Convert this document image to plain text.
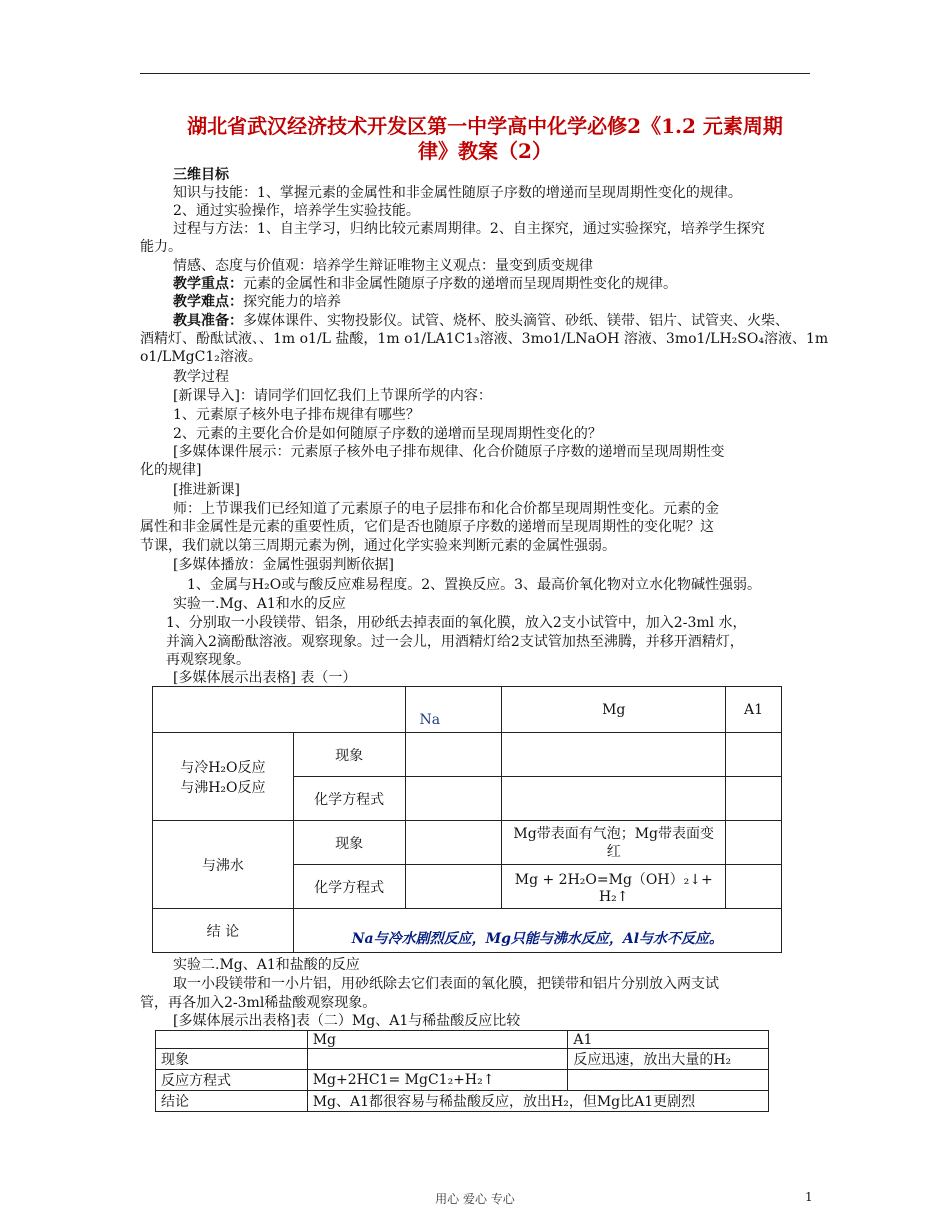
湖北省武汉经济技术开发区第一中学高中化学必修2《1.2 元素周期
律》教案（2）
三维目标
知识与技能：1、掌握元素的金属性和非金属性随原子序数的增递而呈现周期性变化的规律。
2、通过实验操作，培养学生实验技能。
过程与方法：1、自主学习，归纳比较元素周期律。2、自主探究，通过实验探究，培养学生探究
能力。
情感、态度与价值观：培养学生辩证唯物主义观点：量变到质变规律
教学重点：元素的金属性和非金属性随原子序数的递增而呈现周期性变化的规律。
教学难点：探究能力的培养
教具准备：多媒体课件、实物投影仪。试管、烧杯、胶头滴管、砂纸、镁带、铝片、试管夹、火柴、
酒精灯、酚酞试液、、1m o1/L 盐酸，1m o1/LA1C1₃溶液、3mo1/LNaOH 溶液、3mo1/LH₂SO₄溶液、1m
o1/LMgC1₂溶液。
教学过程
[新课导入]：请同学们回忆我们上节课所学的内容：
1、元素原子核外电子排布规律有哪些？
2、元素的主要化合价是如何随原子序数的递增而呈现周期性变化的？
[多媒体课件展示：元素原子核外电子排布规律、化合价随原子序数的递增而呈现周期性变
化的规律]
[推进新课]
师：上节课我们已经知道了元素原子的电子层排布和化合价都呈现周期性变化。元素的金
属性和非金属性是元素的重要性质，它们是否也随原子序数的递增而呈现周期性的变化呢？这
节课，我们就以第三周期元素为例，通过化学实验来判断元素的金属性强弱。
[多媒体播放：金属性强弱判断依据]
1、金属与H₂O或与酸反应难易程度。2、置换反应。3、最高价氧化物对立水化物碱性强弱。
实验一.Mg、A1和水的反应
1、分别取一小段镁带、铝条，用砂纸去掉表面的氧化膜，放入2支小试管中，加入2-3ml 水，
并滴入2滴酚酞溶液。观察现象。过一会儿，用酒精灯给2支试管加热至沸腾，并移开酒精灯，
再观察现象。
[多媒体展示出表格] 表（一）
		Na	Mg	A1

与冷H₂O反应
与沸H₂O反应	现象			
	化学方程式			
与沸水	现象		Mg带表面有气泡；Mg带表面变红	
	化学方程式		Mg + 2H₂O=Mg（OH）₂↓+ H₂↑	
结 论	Na与冷水剧烈反应，Mg只能与沸水反应，Al与水不反应。			
实验二.Mg、A1和盐酸的反应
取一小段镁带和一小片铝，用砂纸除去它们表面的氧化膜，把镁带和铝片分别放入两支试
管，再各加入2-3ml稀盐酸观察现象。
[多媒体展示出表格]表（二）Mg、A1与稀盐酸反应比较
	Mg	A1
现象		反应迅速，放出大量的H₂
反应方程式	Mg+2HC1= MgC1₂+H₂↑	
结论	Mg、A1都很容易与稀盐酸反应，放出H₂，但Mg比A1更剧烈	
用心 爱心 专心	1
